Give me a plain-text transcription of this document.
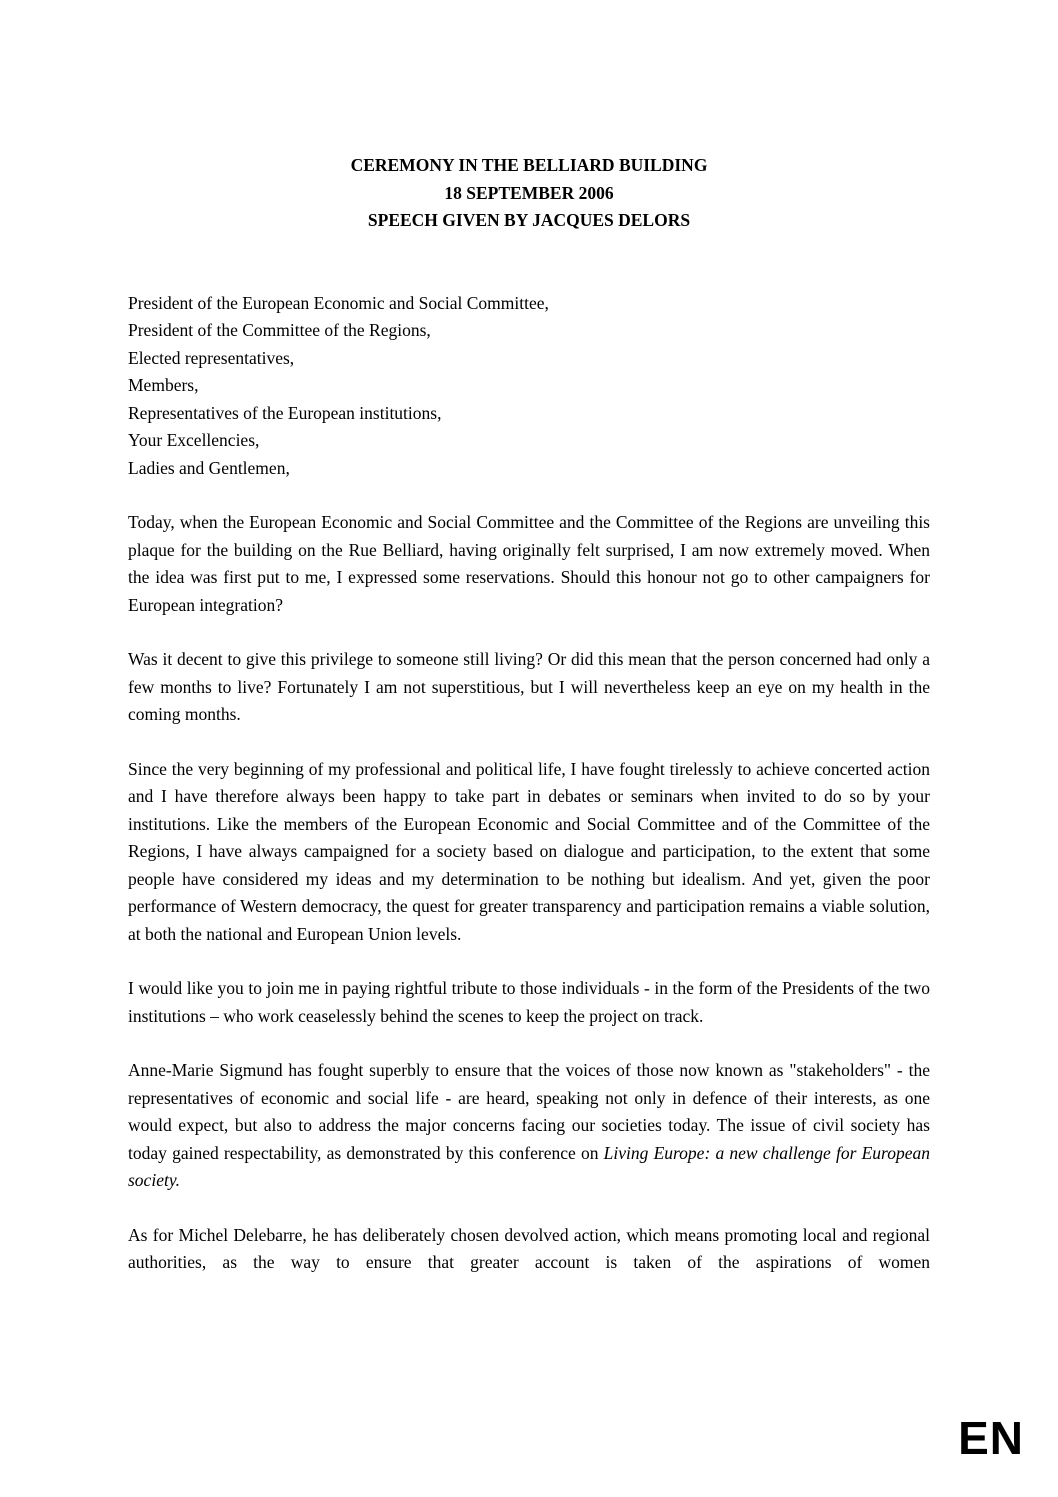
CEREMONY IN THE BELLIARD BUILDING
18 SEPTEMBER 2006
SPEECH GIVEN BY JACQUES DELORS
President of the European Economic and Social Committee,
President of the Committee of the Regions,
Elected representatives,
Members,
Representatives of the European institutions,
Your Excellencies,
Ladies and Gentlemen,

Today, when the European Economic and Social Committee and the Committee of the Regions are unveiling this plaque for the building on the Rue Belliard, having originally felt surprised, I am now extremely moved. When the idea was first put to me, I expressed some reservations. Should this honour not go to other campaigners for European integration?

Was it decent to give this privilege to someone still living? Or did this mean that the person concerned had only a few months to live? Fortunately I am not superstitious, but I will nevertheless keep an eye on my health in the coming months.

Since the very beginning of my professional and political life, I have fought tirelessly to achieve concerted action and I have therefore always been happy to take part in debates or seminars when invited to do so by your institutions. Like the members of the European Economic and Social Committee and of the Committee of the Regions, I have always campaigned for a society based on dialogue and participation, to the extent that some people have considered my ideas and my determination to be nothing but idealism. And yet, given the poor performance of Western democracy, the quest for greater transparency and participation remains a viable solution, at both the national and European Union levels.

I would like you to join me in paying rightful tribute to those individuals - in the form of the Presidents of the two institutions – who work ceaselessly behind the scenes to keep the project on track.

Anne-Marie Sigmund has fought superbly to ensure that the voices of those now known as "stakeholders" - the representatives of economic and social life - are heard, speaking not only in defence of their interests, as one would expect, but also to address the major concerns facing our societies today. The issue of civil society has today gained respectability, as demonstrated by this conference on Living Europe: a new challenge for European society.

As for Michel Delebarre, he has deliberately chosen devolved action, which means promoting local and regional authorities, as the way to ensure that greater account is taken of the aspirations of women

EN
